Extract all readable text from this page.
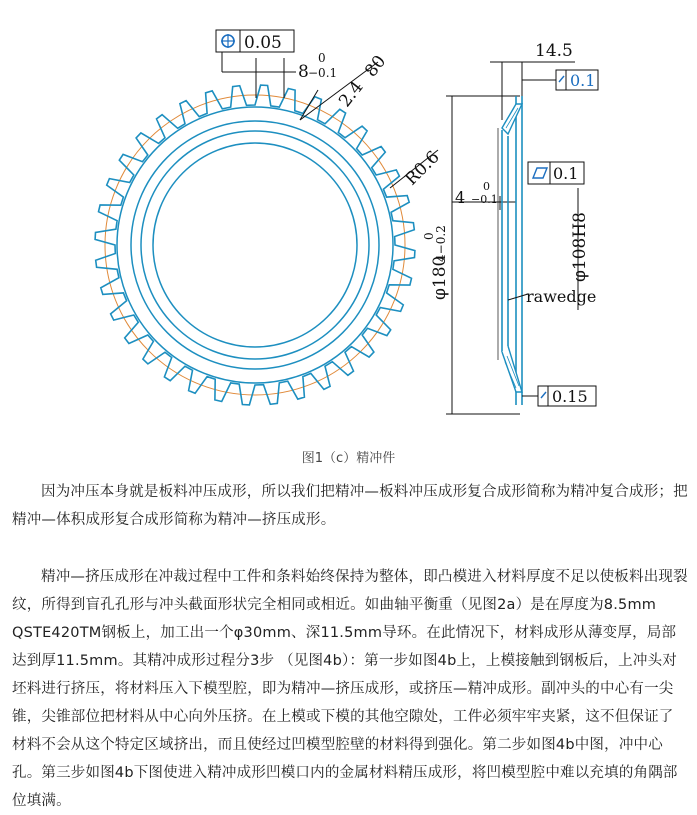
0.05
8
0
−0.1
2.4
80
R0.6
4
0
−0.1
φ180
4−0.2
0
14.5
0.1
0.1
φ108H8
rawedge
0.15
图1（c）精冲件

因为冲压本身就是板料冲压成形，所以我们把精冲—板料冲压成形复合成形简称为精冲复合成形；把精冲—体积成形复合成形简称为精冲—挤压成形。

精冲—挤压成形在冲裁过程中工件和条料始终保持为整体，即凸模进入材料厚度不足以使板料出现裂纹，所得到盲孔孔形与冲头截面形状完全相同或相近。如曲轴平衡重（见图2a）是在厚度为8.5mm QSTE420TM钢板上，加工出一个φ30mm、深11.5mm导环。在此情况下，材料成形从薄变厚，局部达到厚11.5mm。其精冲成形过程分3步 （见图4b）：第一步如图4b上，上模接触到钢板后，上冲头对坯料进行挤压，将材料压入下模型腔，即为精冲—挤压成形，或挤压—精冲成形。副冲头的中心有一尖锥，尖锥部位把材料从中心向外压挤。在上模或下模的其他空隙处，工件必须牢牢夹紧，这不但保证了材料不会从这个特定区域挤出，而且使经过凹模型腔壁的材料得到强化。第二步如图4b中图，冲中心孔。第三步如图4b下图使进入精冲成形凹模口内的金属材料精压成形，将凹模型腔中难以充填的角隅部位填满。
